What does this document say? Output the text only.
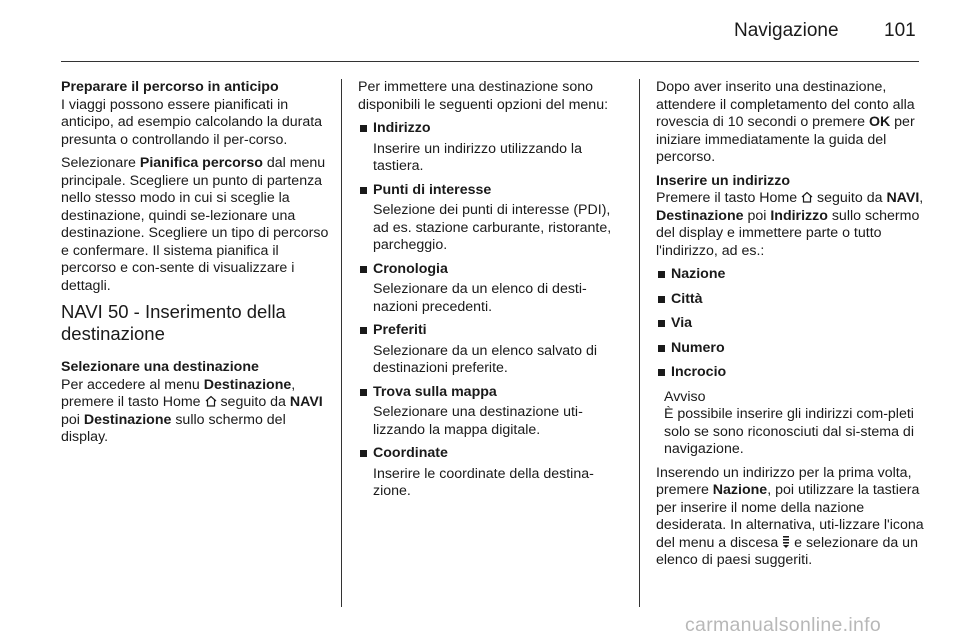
Navigazione 101
Preparare il percorso in anticipo
I viaggi possono essere pianificati in anticipo, ad esempio calcolando la durata presunta o controllando il per-corso.
Selezionare Pianifica percorso dal menu principale. Scegliere un punto di partenza nello stesso modo in cui si sceglie la destinazione, quindi se-lezionare una destinazione. Scegliere un tipo di percorso e confermare. Il sistema pianifica il percorso e con-sente di visualizzare i dettagli.
NAVI 50 - Inserimento della destinazione
Selezionare una destinazione
Per accedere al menu Destinazione, premere il tasto Home  seguito da NAVI poi Destinazione sullo schermo del display.
Per immettere una destinazione sono disponibili le seguenti opzioni del menu:
Indirizzo
Inserire un indirizzo utilizzando la tastiera.
Punti di interesse
Selezione dei punti di interesse (PDI), ad es. stazione carburante, ristorante, parcheggio.
Cronologia
Selezionare da un elenco di desti-nazioni precedenti.
Preferiti
Selezionare da un elenco salvato di destinazioni preferite.
Trova sulla mappa
Selezionare una destinazione uti-lizzando la mappa digitale.
Coordinate
Inserire le coordinate della destina-zione.
Dopo aver inserito una destinazione, attendere il completamento del conto alla rovescia di 10 secondi o premere OK per iniziare immediatamente la guida del percorso.
Inserire un indirizzo
Premere il tasto Home  seguito da NAVI, Destinazione poi Indirizzo sullo schermo del display e immettere parte o tutto l'indirizzo, ad es.:
Nazione
Città
Via
Numero
Incrocio
Avviso
È possibile inserire gli indirizzi com-pleti solo se sono riconosciuti dal si-stema di navigazione.
Inserendo un indirizzo per la prima volta, premere Nazione, poi utilizzare la tastiera per inserire il nome della nazione desiderata. In alternativa, uti-lizzare l'icona del menu a discesa  e selezionare da un elenco di paesi suggeriti.
carmanualsonline.info
